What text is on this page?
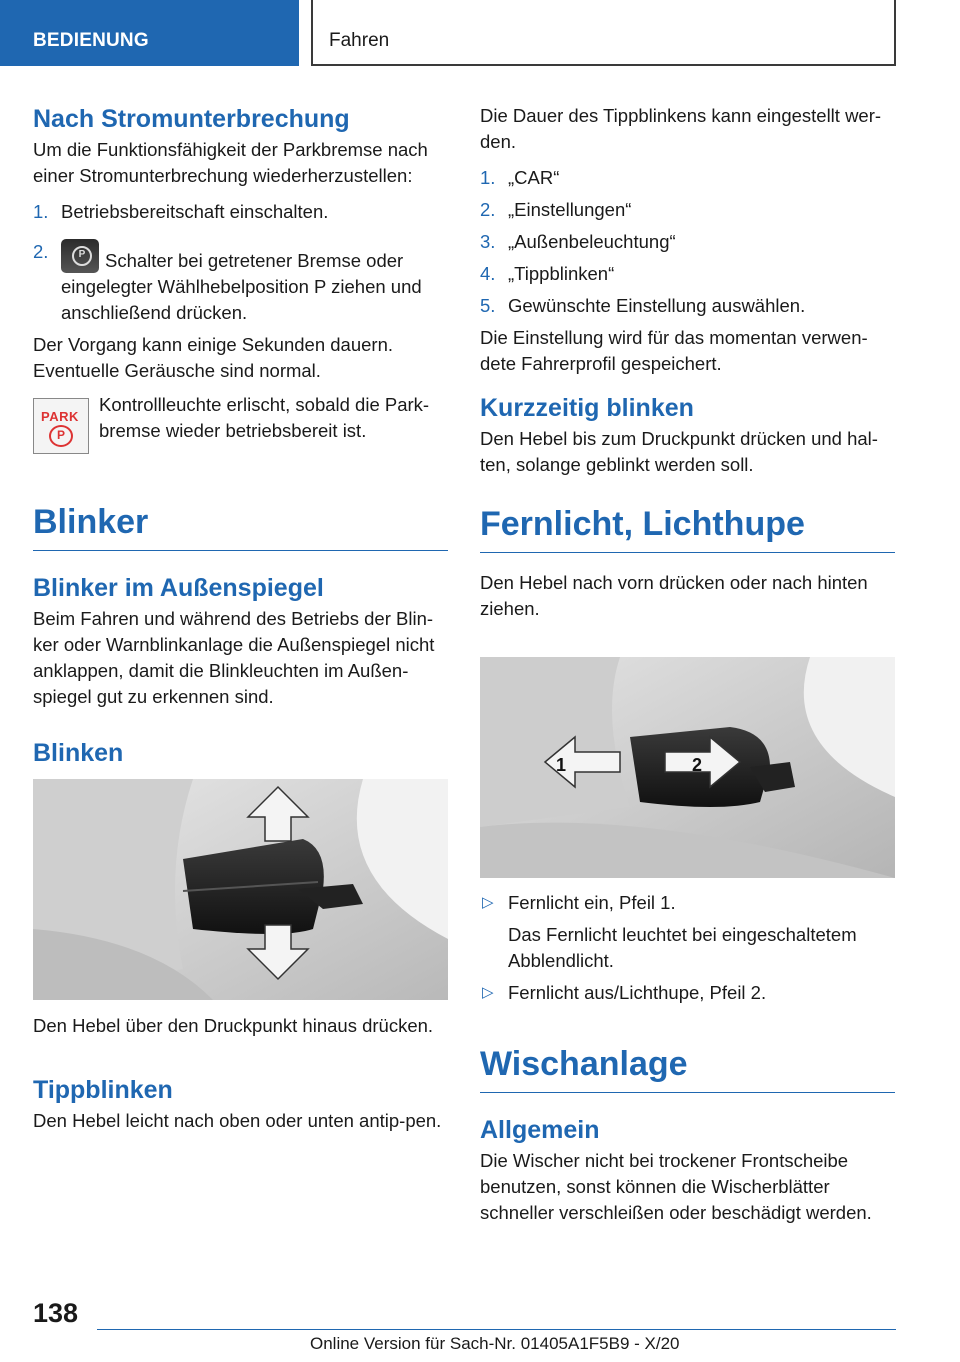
BEDIENUNG	Fahren
Nach Stromunterbrechung

Um die Funktionsfähigkeit der Parkbremse nach einer Stromunterbrechung wiederherzustellen:

1. Betriebsbereitschaft einschalten.
2.
P	Schalter bei getretener Bremse oder eingelegter Wählhebelposition P ziehen und anschließend drücken.

Der Vorgang kann einige Sekunden dauern. Eventuelle Geräusche sind normal.

PARK
P

Kontrollleuchte erlischt, sobald die Park-bremse wieder betriebsbereit ist.

Blinker
Blinker im Außenspiegel

Beim Fahren und während des Betriebs der Blin-ker oder Warnblinkanlage die Außenspiegel nicht anklappen, damit die Blinkleuchten im Außen-spiegel gut zu erkennen sind.

Blinken

Den Hebel über den Druckpunkt hinaus drücken.

Tippblinken

Den Hebel leicht nach oben oder unten antip-pen.

Die Dauer des Tippblinkens kann eingestellt wer-den.

1. „CAR“
2. „Einstellungen“
3. „Außenbeleuchtung“
4. „Tippblinken“
5. Gewünschte Einstellung auswählen.

Die Einstellung wird für das momentan verwen-dete Fahrerprofil gespeichert.

Kurzzeitig blinken

Den Hebel bis zum Druckpunkt drücken und hal-ten, solange geblinkt werden soll.

Fernlicht, Lichthupe

Den Hebel nach vorn drücken oder nach hinten ziehen.

1	2
▷ Fernlicht ein, Pfeil 1.

Das Fernlicht leuchtet bei eingeschaltetem Abblendlicht.

▷ Fernlicht aus/Lichthupe, Pfeil 2.
Wischanlage
Allgemein

Die Wischer nicht bei trockener Frontscheibe benutzen, sonst können die Wischerblätter schneller verschleißen oder beschädigt werden.

138
Online Version für Sach-Nr. 01405A1F5B9 - X/20
